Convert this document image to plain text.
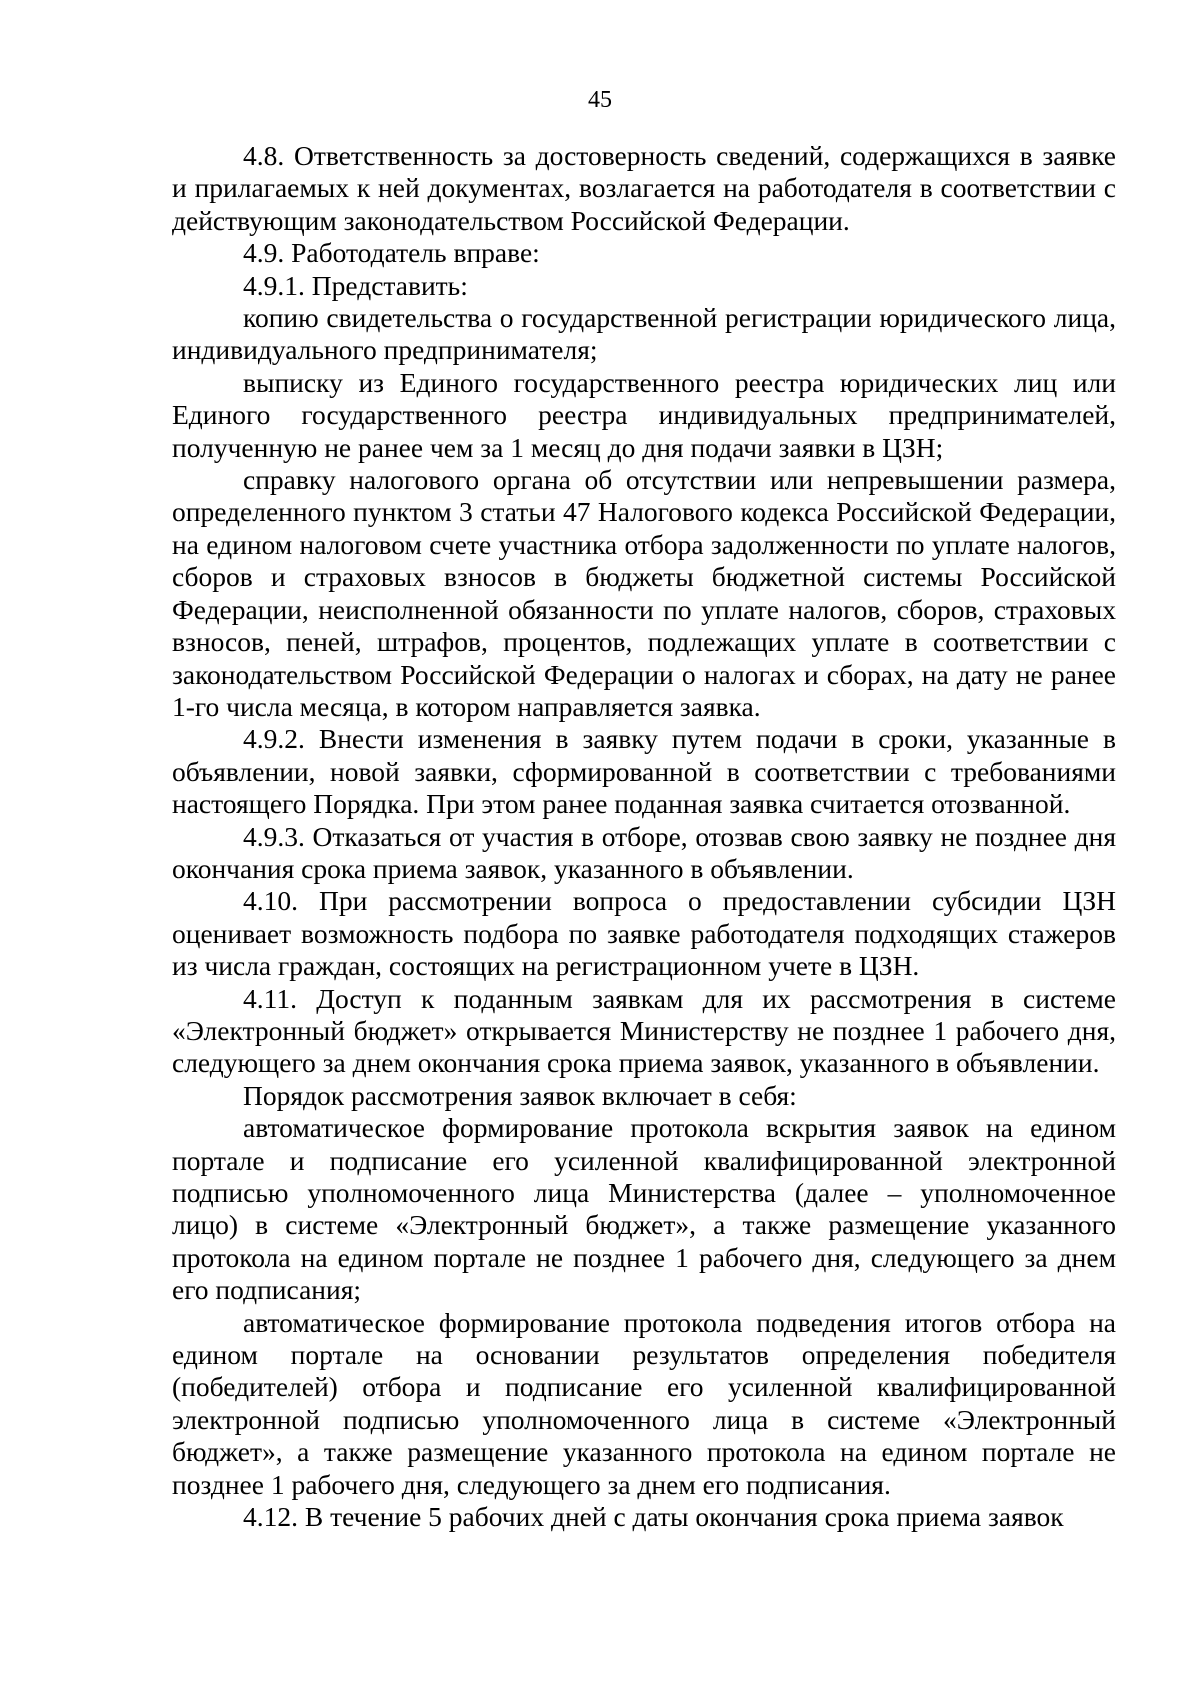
45

4.8. Ответственность за достоверность сведений, содержащихся в заявке и прилагаемых к ней документах, возлагается на работодателя в соответствии с действующим законодательством Российской Федерации.

4.9. Работодатель вправе:

4.9.1. Представить:

копию свидетельства о государственной регистрации юридического лица, индивидуального предпринимателя;

выписку из Единого государственного реестра юридических лиц или Единого государственного реестра индивидуальных предпринимателей, полученную не ранее чем за 1 месяц до дня подачи заявки в ЦЗН;

справку налогового органа об отсутствии или непревышении размера, определенного пунктом 3 статьи 47 Налогового кодекса Российской Федерации, на едином налоговом счете участника отбора задолженности по уплате налогов, сборов и страховых взносов в бюджеты бюджетной системы Российской Федерации, неисполненной обязанности по уплате налогов, сборов, страховых взносов, пеней, штрафов, процентов, подлежащих уплате в соответствии с законодательством Российской Федерации о налогах и сборах, на дату не ранее 1-го числа месяца, в котором направляется заявка.

4.9.2. Внести изменения в заявку путем подачи в сроки, указанные в объявлении, новой заявки, сформированной в соответствии с требованиями настоящего Порядка. При этом ранее поданная заявка считается отозванной.

4.9.3. Отказаться от участия в отборе, отозвав свою заявку не позднее дня окончания срока приема заявок, указанного в объявлении.

4.10. При рассмотрении вопроса о предоставлении субсидии ЦЗН оценивает возможность подбора по заявке работодателя подходящих стажеров из числа граждан, состоящих на регистрационном учете в ЦЗН.

4.11. Доступ к поданным заявкам для их рассмотрения в системе «Электронный бюджет» открывается Министерству не позднее 1 рабочего дня, следующего за днем окончания срока приема заявок, указанного в объявлении.

Порядок рассмотрения заявок включает в себя:

автоматическое формирование протокола вскрытия заявок на едином портале и подписание его усиленной квалифицированной электронной подписью уполномоченного лица Министерства (далее – уполномоченное лицо) в системе «Электронный бюджет», а также размещение указанного протокола на едином портале не позднее 1 рабочего дня, следующего за днем его подписания;

автоматическое формирование протокола подведения итогов отбора на едином портале на основании результатов определения победителя (победителей) отбора и подписание его усиленной квалифицированной электронной подписью уполномоченного лица в системе «Электронный бюджет», а также размещение указанного протокола на едином портале не позднее 1 рабочего дня, следующего за днем его подписания.

4.12. В течение 5 рабочих дней с даты окончания срока приема заявок
